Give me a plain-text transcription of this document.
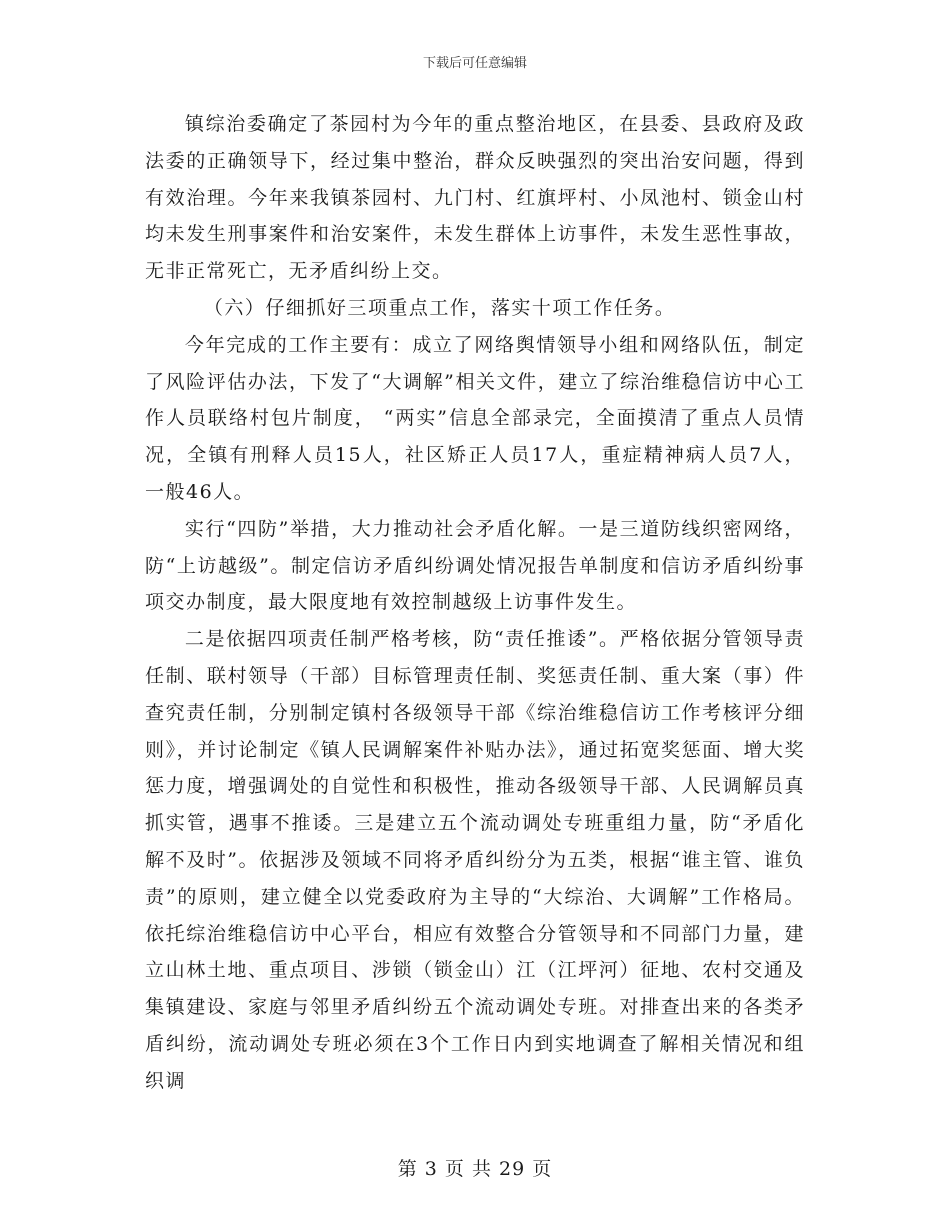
下载后可任意编辑

镇综治委确定了茶园村为今年的重点整治地区，在县委、县政府及政法委的正确领导下，经过集中整治，群众反映强烈的突出治安问题，得到有效治理。今年来我镇茶园村、九门村、红旗坪村、小凤池村、锁金山村均未发生刑事案件和治安案件，未发生群体上访事件，未发生恶性事故，无非正常死亡，无矛盾纠纷上交。

（六）仔细抓好三项重点工作，落实十项工作任务。

今年完成的工作主要有：成立了网络舆情领导小组和网络队伍，制定了风险评估办法，下发了“大调解”相关文件，建立了综治维稳信访中心工作人员联络村包片制度， “两实”信息全部录完，全面摸清了重点人员情况，全镇有刑释人员15人，社区矫正人员17人，重症精神病人员7人，一般46人。

实行“四防”举措，大力推动社会矛盾化解。一是三道防线织密网络，防“上访越级”。制定信访矛盾纠纷调处情况报告单制度和信访矛盾纠纷事项交办制度，最大限度地有效控制越级上访事件发生。

二是依据四项责任制严格考核，防“责任推诿”。严格依据分管领导责任制、联村领导（干部）目标管理责任制、奖惩责任制、重大案（事）件查究责任制，分别制定镇村各级领导干部《综治维稳信访工作考核评分细则》，并讨论制定《镇人民调解案件补贴办法》，通过拓宽奖惩面、增大奖惩力度，增强调处的自觉性和积极性，推动各级领导干部、人民调解员真抓实管，遇事不推诿。三是建立五个流动调处专班重组力量，防“矛盾化解不及时”。依据涉及领域不同将矛盾纠纷分为五类，根据“谁主管、谁负责”的原则，建立健全以党委政府为主导的“大综治、大调解”工作格局。依托综治维稳信访中心平台，相应有效整合分管领导和不同部门力量，建立山林土地、重点项目、涉锁（锁金山）江（江坪河）征地、农村交通及集镇建设、家庭与邻里矛盾纠纷五个流动调处专班。对排查出来的各类矛盾纠纷，流动调处专班必须在3个工作日内到实地调查了解相关情况和组织调

第 3 页 共 29 页
